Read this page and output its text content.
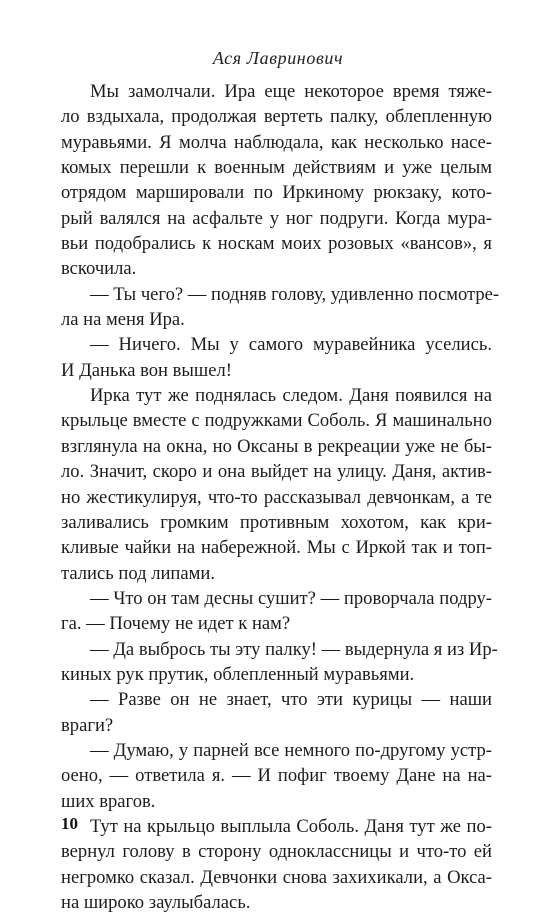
Ася Лавринович
Мы замолчали. Ира еще некоторое время тяже-
ло вздыхала, продолжая вертеть палку, облепленную
муравьями. Я молча наблюдала, как несколько насе-
комых перешли к военным действиям и уже целым
отрядом маршировали по Иркиному рюкзаку, кото-
рый валялся на асфальте у ног подруги. Когда мура-
вьи подобрались к носкам моих розовых «вансов», я
вскочила.
— Ты чего? — подняв голову, удивленно посмотре-
ла на меня Ира.
— Ничего. Мы у самого муравейника уселись.
И Данька вон вышел!
Ирка тут же поднялась следом. Даня появился на
крыльце вместе с подружками Соболь. Я машинально
взглянула на окна, но Оксаны в рекреации уже не бы-
ло. Значит, скоро и она выйдет на улицу. Даня, актив-
но жестикулируя, что-то рассказывал девчонкам, а те
заливались громким противным хохотом, как кри-
кливые чайки на набережной. Мы с Иркой так и топ-
тались под липами.
— Что он там десны сушит? — проворчала подру-
га. — Почему не идет к нам?
— Да выбрось ты эту палку! — выдернула я из Ир-
киных рук прутик, облепленный муравьями.
— Разве он не знает, что эти курицы — наши
враги?
— Думаю, у парней все немного по-другому устр-
оено, — ответила я. — И пофиг твоему Дане на на-
ших врагов.
Тут на крыльцо выплыла Соболь. Даня тут же по-
вернул голову в сторону одноклассницы и что-то ей
негромко сказал. Девчонки снова захихикали, а Окса-
на широко заулыбалась.
10
